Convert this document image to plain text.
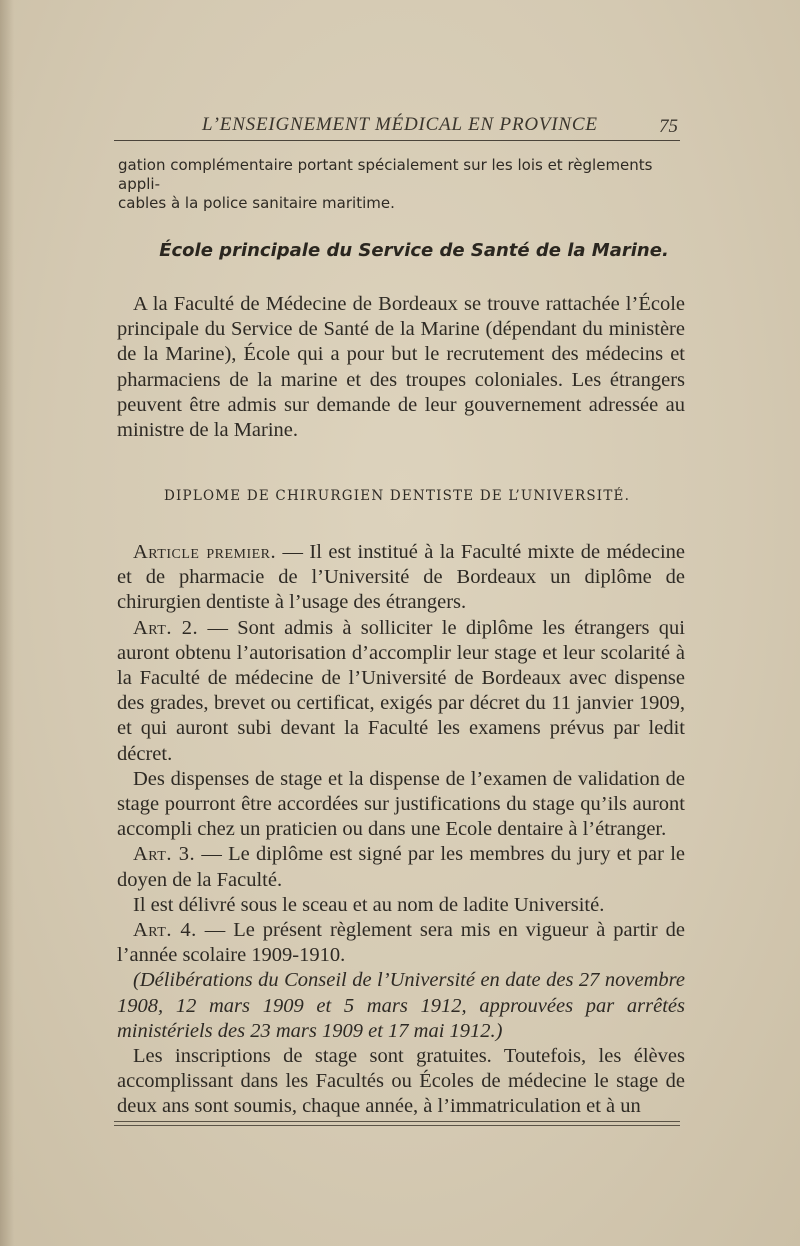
L’ENSEIGNEMENT MÉDICAL EN PROVINCE	75
gation complémentaire portant spécialement sur les lois et règlements appli-
cables à la police sanitaire maritime.
École principale du Service de Santé de la Marine.

A la Faculté de Médecine de Bordeaux se trouve rattachée l’École principale du Service de Santé de la Marine (dépendant du ministère de la Marine), École qui a pour but le recrutement des médecins et pharmaciens de la marine et des troupes coloniales. Les étrangers peuvent être admis sur demande de leur gouvernement adressée au ministre de la Marine.

DIPLOME DE CHIRURGIEN DENTISTE DE L’UNIVERSITÉ.

Article premier. — Il est institué à la Faculté mixte de médecine et de pharmacie de l’Université de Bordeaux un diplôme de chirurgien dentiste à l’usage des étrangers.

Art. 2. — Sont admis à solliciter le diplôme les étrangers qui auront obtenu l’autorisation d’accomplir leur stage et leur scolarité à la Faculté de médecine de l’Université de Bordeaux avec dispense des grades, brevet ou certificat, exigés par décret du 11 janvier 1909, et qui auront subi devant la Faculté les examens prévus par ledit décret.

Des dispenses de stage et la dispense de l’examen de validation de stage pourront être accordées sur justifications du stage qu’ils auront accompli chez un praticien ou dans une Ecole dentaire à l’étranger.

Art. 3. — Le diplôme est signé par les membres du jury et par le doyen de la Faculté.

Il est délivré sous le sceau et au nom de ladite Université.

Art. 4. — Le présent règlement sera mis en vigueur à partir de l’année scolaire 1909-1910.

(Délibérations du Conseil de l’Université en date des 27 novembre 1908, 12 mars 1909 et 5 mars 1912, approuvées par arrêtés ministériels des 23 mars 1909 et 17 mai 1912.)

Les inscriptions de stage sont gratuites. Toutefois, les élèves accomplissant dans les Facultés ou Écoles de médecine le stage de deux ans sont soumis, chaque année, à l’immatriculation et à un
